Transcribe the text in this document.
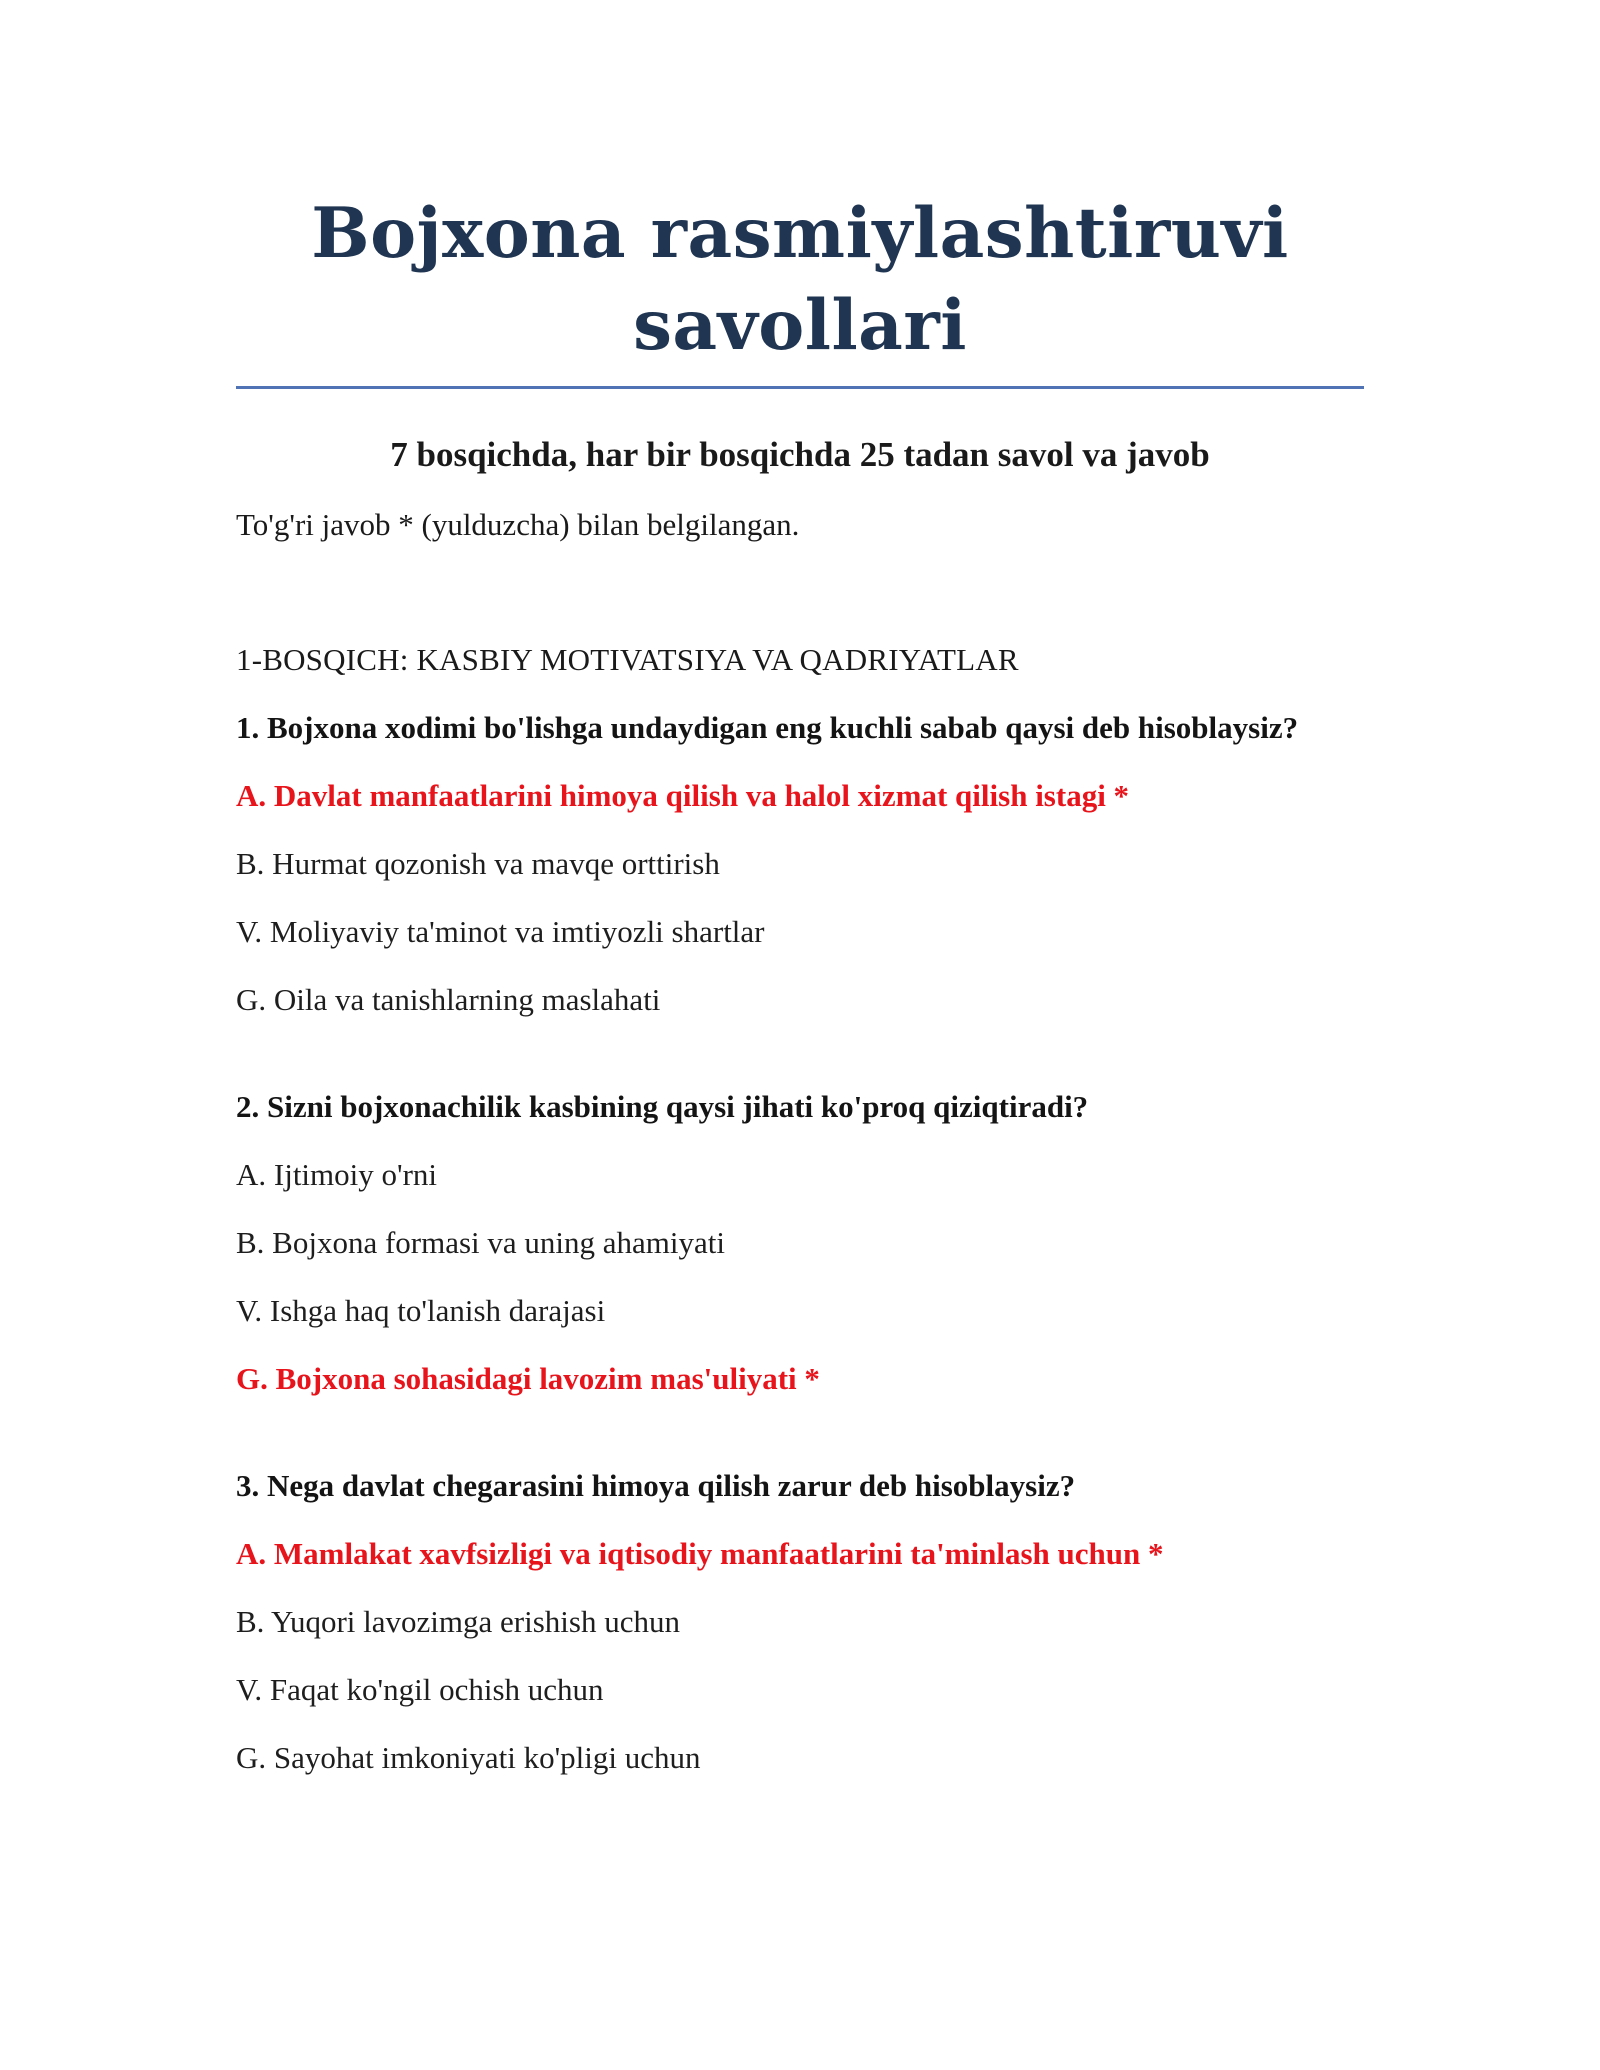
Bojxona rasmiylashtiruvi savollari

7 bosqichda, har bir bosqichda 25 tadan savol va javob

To'g'ri javob * (yulduzcha) bilan belgilangan.

1-BOSQICH: KASBIY MOTIVATSIYA VA QADRIYATLAR

1. Bojxona xodimi bo'lishga undaydigan eng kuchli sabab qaysi deb hisoblaysiz?

A. Davlat manfaatlarini himoya qilish va halol xizmat qilish istagi *
B. Hurmat qozonish va mavqe orttirish
V. Moliyaviy ta'minot va imtiyozli shartlar
G. Oila va tanishlarning maslahati

2. Sizni bojxonachilik kasbining qaysi jihati ko'proq qiziqtiradi?

A. Ijtimoiy o'rni
B. Bojxona formasi va uning ahamiyati
V. Ishga haq to'lanish darajasi
G. Bojxona sohasidagi lavozim mas'uliyati *

3. Nega davlat chegarasini himoya qilish zarur deb hisoblaysiz?

A. Mamlakat xavfsizligi va iqtisodiy manfaatlarini ta'minlash uchun *
B. Yuqori lavozimga erishish uchun
V. Faqat ko'ngil ochish uchun
G. Sayohat imkoniyati ko'pligi uchun
